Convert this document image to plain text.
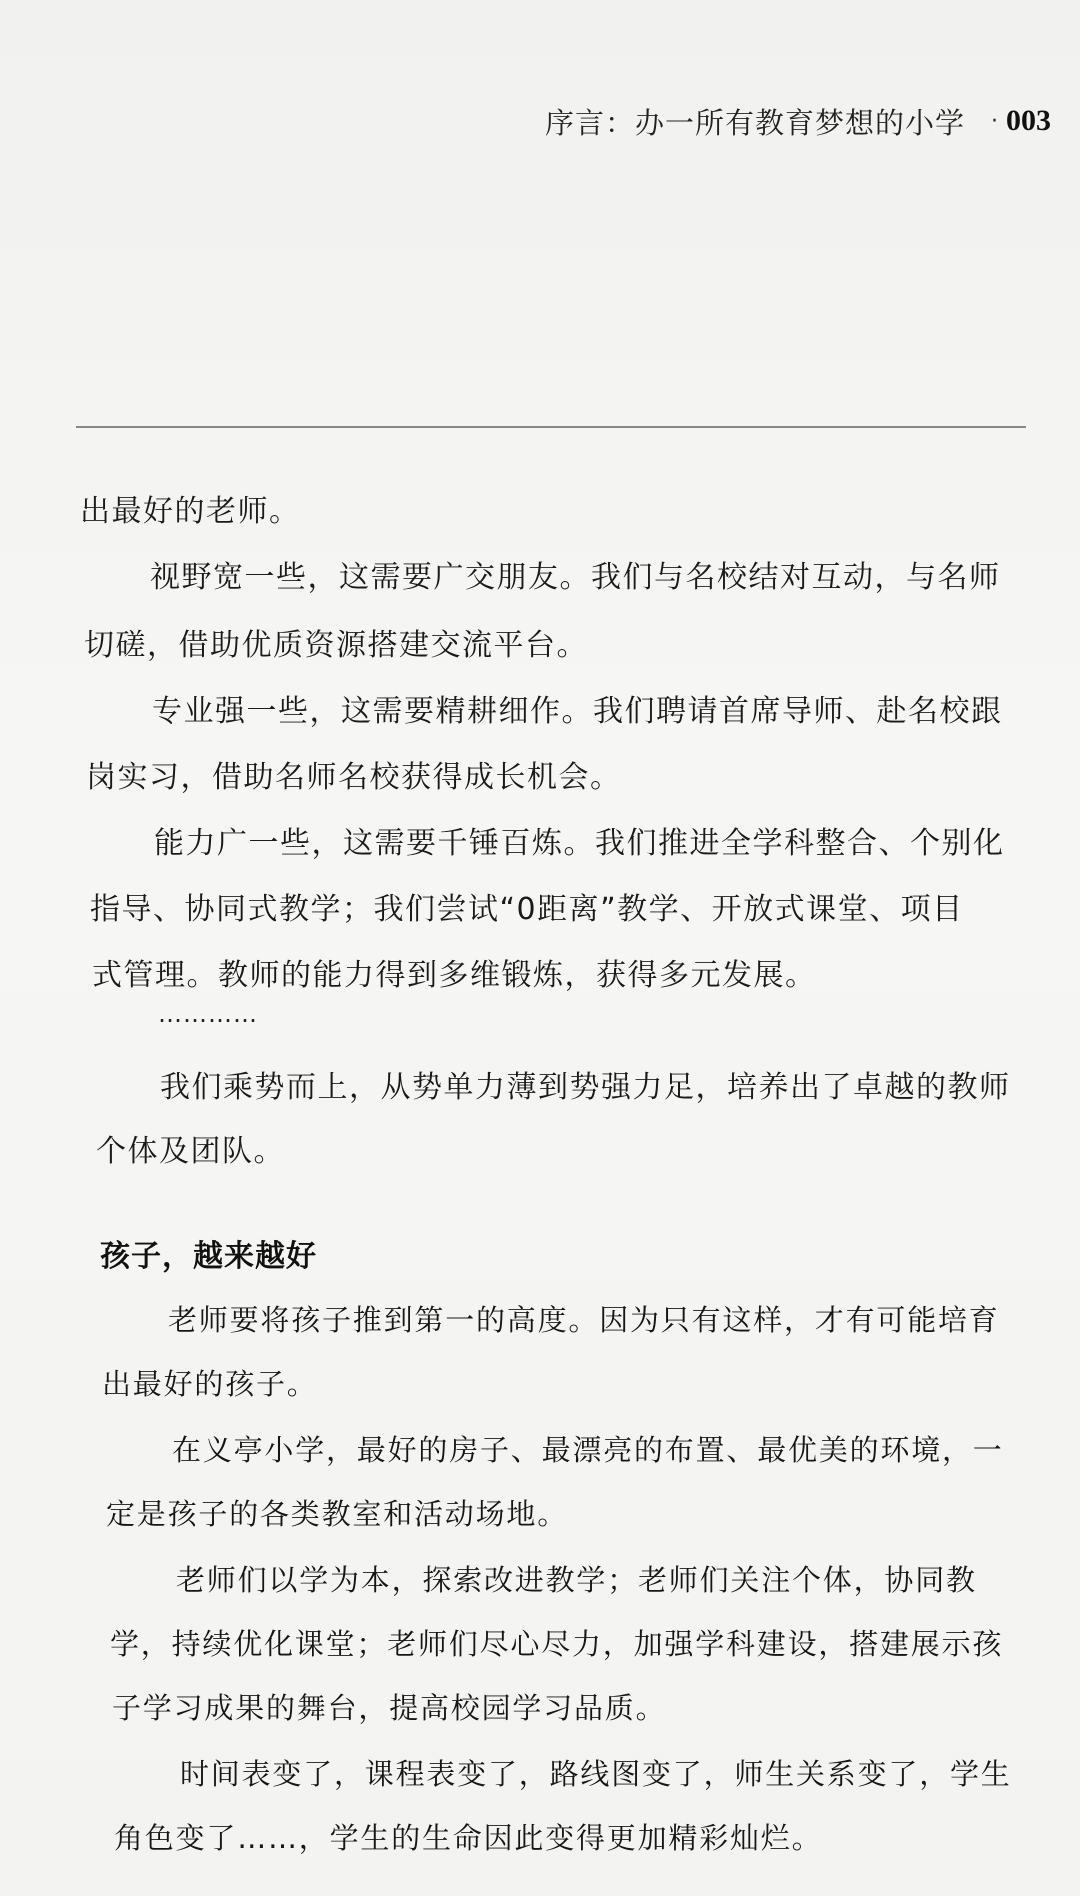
序言：办一所有教育梦想的小学 · 003
出最好的老师。
视野宽一些，这需要广交朋友。我们与名校结对互动，与名师
切磋，借助优质资源搭建交流平台。
专业强一些，这需要精耕细作。我们聘请首席导师、赴名校跟
岗实习，借助名师名校获得成长机会。
能力广一些，这需要千锤百炼。我们推进全学科整合、个别化
指导、协同式教学；我们尝试“0距离”教学、开放式课堂、项目
式管理。教师的能力得到多维锻炼，获得多元发展。
…………
我们乘势而上，从势单力薄到势强力足，培养出了卓越的教师
个体及团队。
孩子，越来越好
老师要将孩子推到第一的高度。因为只有这样，才有可能培育
出最好的孩子。
在义亭小学，最好的房子、最漂亮的布置、最优美的环境，一
定是孩子的各类教室和活动场地。
老师们以学为本，探索改进教学；老师们关注个体，协同教
学，持续优化课堂；老师们尽心尽力，加强学科建设，搭建展示孩
子学习成果的舞台，提高校园学习品质。
时间表变了，课程表变了，路线图变了，师生关系变了，学生
角色变了……，学生的生命因此变得更加精彩灿烂。
